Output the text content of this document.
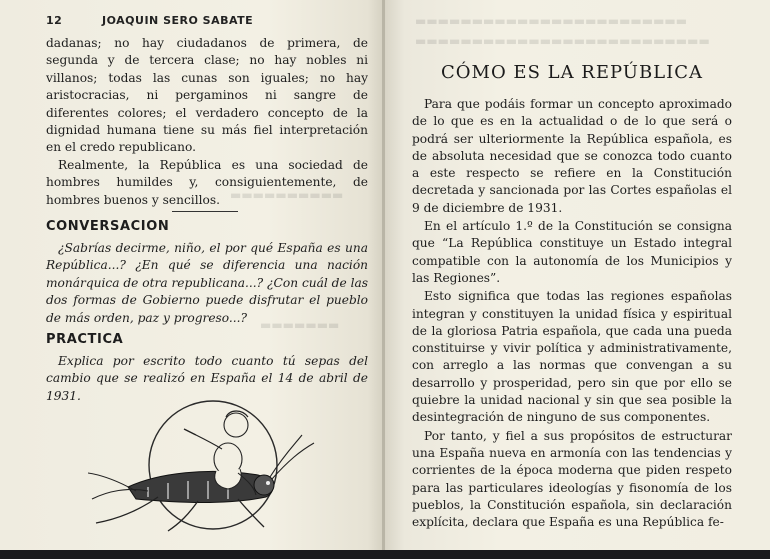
▬▬▬▬▬▬▬▬▬▬
▬▬▬▬▬▬▬
12	JOAQUIN SERO SABATE

dadanas; no hay ciudadanos de primera, de segunda y de tercera clase; no hay nobles ni villanos; todas las cunas son iguales; no hay aristocracias, ni pergaminos ni sangre de diferentes colores; el verdadero concepto de la dignidad humana tiene su más fiel interpretación en el credo republicano.

Realmente, la República es una sociedad de hombres humildes y, consiguientemente, de hombres buenos y sencillos.

CONVERSACION
¿Sabrías decirme, niño, el por qué España es una República...? ¿En qué se diferencia una nación monárquica de otra republicana...? ¿Con cuál de las dos formas de Gobierno puede disfrutar el pueblo de más orden, paz y progreso...?
PRACTICA
Explica por escrito todo cuanto tú sepas del cambio que se realizó en España el 14 de abril de 1931.
▬▬▬▬▬▬▬▬▬▬▬▬▬▬▬▬▬▬▬▬▬▬▬▬
▬▬▬▬▬▬▬▬▬▬▬▬▬▬▬▬▬▬▬▬▬▬▬▬▬▬
CÓMO ES LA REPÚBLICA

Para que podáis formar un concepto aproximado de lo que es en la actualidad o de lo que será o podrá ser ulteriormente la República española, es de absoluta necesidad que se conozca todo cuanto a este respecto se refiere en la Constitución decretada y sancionada por las Cortes españolas el 9 de diciembre de 1931.

En el artículo 1.º de la Constitución se consigna que “La República constituye un Estado integral compatible con la autonomía de los Municipios y las Regiones”.

Esto significa que todas las regiones españolas integran y constituyen la unidad física y espiritual de la gloriosa Patria española, que cada una pueda constituirse y vivir política y administrativamente, con arreglo a las normas que convengan a su desarrollo y prosperidad, pero sin que por ello se quiebre la unidad nacional y sin que sea posible la desintegración de ninguno de sus componentes.

Por tanto, y fiel a sus propósitos de estructurar una España nueva en armonía con las tendencias y corrientes de la época moderna que piden respeto para las particulares ideologías y fisonomía de los pueblos, la Constitución española, sin declaración explícita, declara que España es una República fe-
